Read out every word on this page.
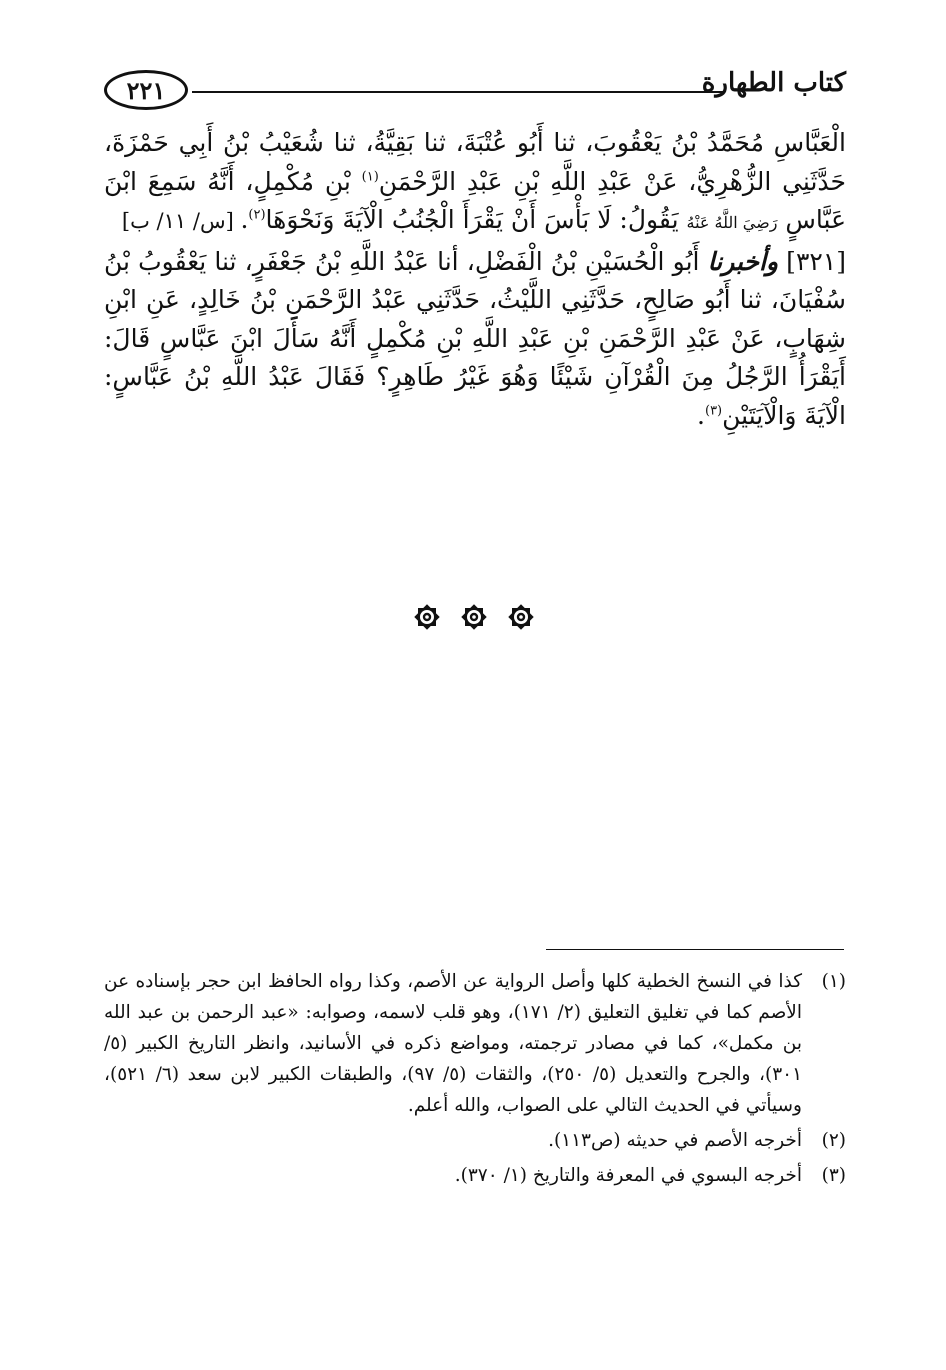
٢٢١	كتاب الطهارة

الْعَبَّاسِ مُحَمَّدُ بْنُ يَعْقُوبَ، ثنا أَبُو عُتْبَةَ، ثنا بَقِيَّةُ، ثنا شُعَيْبُ بْنُ أَبِي حَمْزَةَ، حَدَّثَنِي الزُّهْرِيُّ، عَنْ عَبْدِ اللَّهِ بْنِ عَبْدِ الرَّحْمَنِ$^{(١)}$ بْنِ مُكْمِلٍ، أَنَّهُ سَمِعَ ابْنَ عَبَّاسٍ رَضِيَ اللَّهُ عَنْهُ يَقُولُ: لَا بَأْسَ أَنْ يَقْرَأَ الْجُنُبُ الْآيَةَ وَنَحْوَهَا$^{(٢)}$. [س/ ١١/ ب]

[٣٢١] وأخبرنا أَبُو الْحُسَيْنِ بْنُ الْفَضْلِ، أنا عَبْدُ اللَّهِ بْنُ جَعْفَرٍ، ثنا يَعْقُوبُ بْنُ سُفْيَانَ، ثنا أَبُو صَالِحٍ، حَدَّثَنِي اللَّيْثُ، حَدَّثَنِي عَبْدُ الرَّحْمَنِ بْنُ خَالِدٍ، عَنِ ابْنِ شِهَابٍ، عَنْ عَبْدِ الرَّحْمَنِ بْنِ عَبْدِ اللَّهِ بْنِ مُكْمِلٍ أَنَّهُ سَأَلَ ابْنَ عَبَّاسٍ قَالَ: أَيَقْرَأُ الرَّجُلُ مِنَ الْقُرْآنِ شَيْئًا وَهُوَ غَيْرُ طَاهِرٍ؟ فَقَالَ عَبْدُ اللَّهِ بْنُ عَبَّاسٍ: الْآيَةَ وَالْآيَتَيْنِ$^{(٣)}$.

(١)
كذا في النسخ الخطية كلها وأصل الرواية عن الأصم، وكذا رواه الحافظ ابن حجر بإسناده عن الأصم كما في تغليق التعليق (٢/ ١٧١)، وهو قلب لاسمه، وصوابه: «عبد الرحمن بن عبد الله بن مكمل»، كما في مصادر ترجمته، ومواضع ذكره في الأسانيد، وانظر التاريخ الكبير (٥/ ٣٠١)، والجرح والتعديل (٥/ ٢٥٠)، والثقات (٥/ ٩٧)، والطبقات الكبير لابن سعد (٦/ ٥٢١)، وسيأتي في الحديث التالي على الصواب، والله أعلم.
(٢)
أخرجه الأصم في حديثه (ص١١٣).
(٣)
أخرجه البسوي في المعرفة والتاريخ (١/ ٣٧٠).
